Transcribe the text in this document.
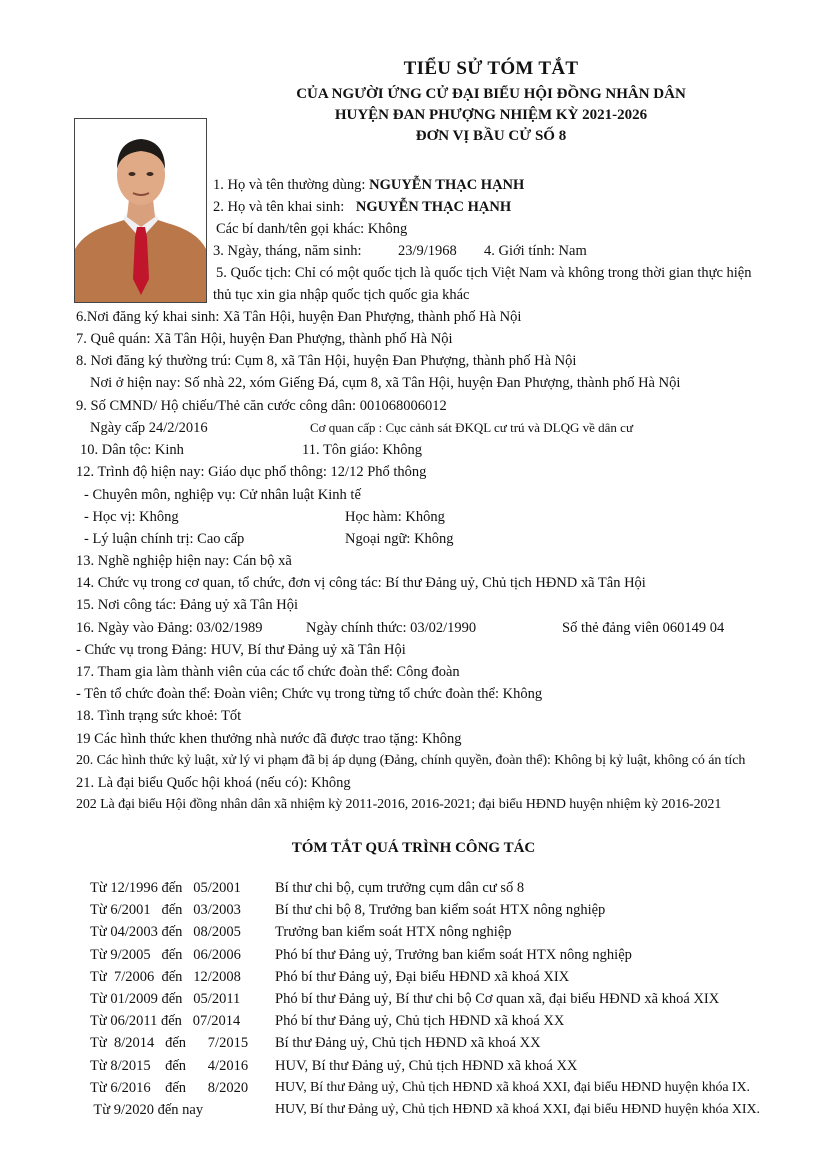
TIỂU SỬ TÓM TẮT
CỦA NGƯỜI ỨNG CỬ ĐẠI BIỂU HỘI ĐỒNG NHÂN DÂN
HUYỆN ĐAN PHƯỢNG NHIỆM KỲ 2021-2026
ĐƠN VỊ BẦU CỬ SỐ 8
1. Họ và tên thường dùng: NGUYỄN THẠC HẠNH
2. Họ và tên khai sinh: NGUYỄN THẠC HẠNH
Các bí danh/tên gọi khác: Không
3. Ngày, tháng, năm sinh:	23/9/1968 4. Giới tính: Nam
5. Quốc tịch: Chỉ có một quốc tịch là quốc tịch Việt Nam và không trong thời gian thực hiện
thủ tục xin gia nhập quốc tịch quốc gia khác
6.Nơi đăng ký khai sinh: Xã Tân Hội, huyện Đan Phượng, thành phố Hà Nội
7. Quê quán: Xã Tân Hội, huyện Đan Phượng, thành phố Hà Nội
8. Nơi đăng ký thường trú: Cụm 8, xã Tân Hội, huyện Đan Phượng, thành phố Hà Nội
Nơi ở hiện nay: Số nhà 22, xóm Giếng Đá, cụm 8, xã Tân Hội, huyện Đan Phượng, thành phố Hà Nội
9. Số CMND/ Hộ chiếu/Thẻ căn cước công dân: 001068006012
Ngày cấp 24/2/2016	Cơ quan cấp : Cục cảnh sát ĐKQL cư trú và DLQG về dân cư
10. Dân tộc: Kinh	11. Tôn giáo: Không
12. Trình độ hiện nay: Giáo dục phổ thông: 12/12 Phổ thông
- Chuyên môn, nghiệp vụ: Cử nhân luật Kinh tế
- Học vị: Không	Học hàm: Không
- Lý luận chính trị: Cao cấp	Ngoại ngữ: Không
13. Nghề nghiệp hiện nay: Cán bộ xã
14. Chức vụ trong cơ quan, tổ chức, đơn vị công tác: Bí thư Đảng uỷ, Chủ tịch HĐND xã Tân Hội
15. Nơi công tác: Đảng uỷ xã Tân Hội
16. Ngày vào Đảng: 03/02/1989	Ngày chính thức: 03/02/1990	Số thẻ đảng viên 060149 04
- Chức vụ trong Đảng: HUV, Bí thư Đảng uỷ xã Tân Hội
17. Tham gia làm thành viên của các tổ chức đoàn thể: Công đoàn
- Tên tổ chức đoàn thể: Đoàn viên; Chức vụ trong từng tổ chức đoàn thể: Không
18. Tình trạng sức khoẻ: Tốt
19 Các hình thức khen thưởng nhà nước đã được trao tặng: Không
20. Các hình thức kỷ luật, xử lý vi phạm đã bị áp dụng (Đảng, chính quyền, đoàn thể): Không bị kỷ luật, không có án tích
21. Là đại biểu Quốc hội khoá (nếu có): Không
202 Là đại biểu Hội đồng nhân dân xã nhiệm kỳ 2011-2016, 2016-2021; đại biểu HĐND huyện nhiệm kỳ 2016-2021
TÓM TẮT QUÁ TRÌNH CÔNG TÁC
Từ 12/1996 đến   05/2001 Bí thư chi bộ, cụm trưởng cụm dân cư số 8
Từ 6/2001   đến   03/2003 Bí thư chi bộ 8, Trưởng ban kiểm soát HTX nông nghiệp
Từ 04/2003 đến   08/2005 Trưởng ban kiểm soát HTX nông nghiệp
Từ 9/2005   đến   06/2006 Phó bí thư Đảng uỷ, Trưởng ban kiểm soát HTX nông nghiệp
Từ  7/2006  đến   12/2008 Phó bí thư Đảng uỷ, Đại biểu HĐND xã khoá XIX
Từ 01/2009 đến   05/2011 Phó bí thư Đảng uỷ, Bí thư chi bộ Cơ quan xã, đại biểu HĐND xã khoá XIX
Từ 06/2011 đến   07/2014 Phó bí thư Đảng uỷ, Chủ tịch HĐND xã khoá XX
Từ  8/2014   đến      7/2015 Bí thư Đảng uỷ, Chủ tịch HĐND xã khoá XX
Từ 8/2015    đến      4/2016 HUV, Bí thư Đảng uỷ, Chủ tịch HĐND xã khoá XX
Từ 6/2016    đến      8/2020 HUV, Bí thư Đảng uỷ, Chủ tịch HĐND xã khoá XXI, đại biểu HĐND huyện khóa IX.
Từ 9/2020 đến nay	HUV, Bí thư Đảng uỷ, Chủ tịch HĐND xã khoá XXI, đại biểu HĐND huyện khóa XIX.
